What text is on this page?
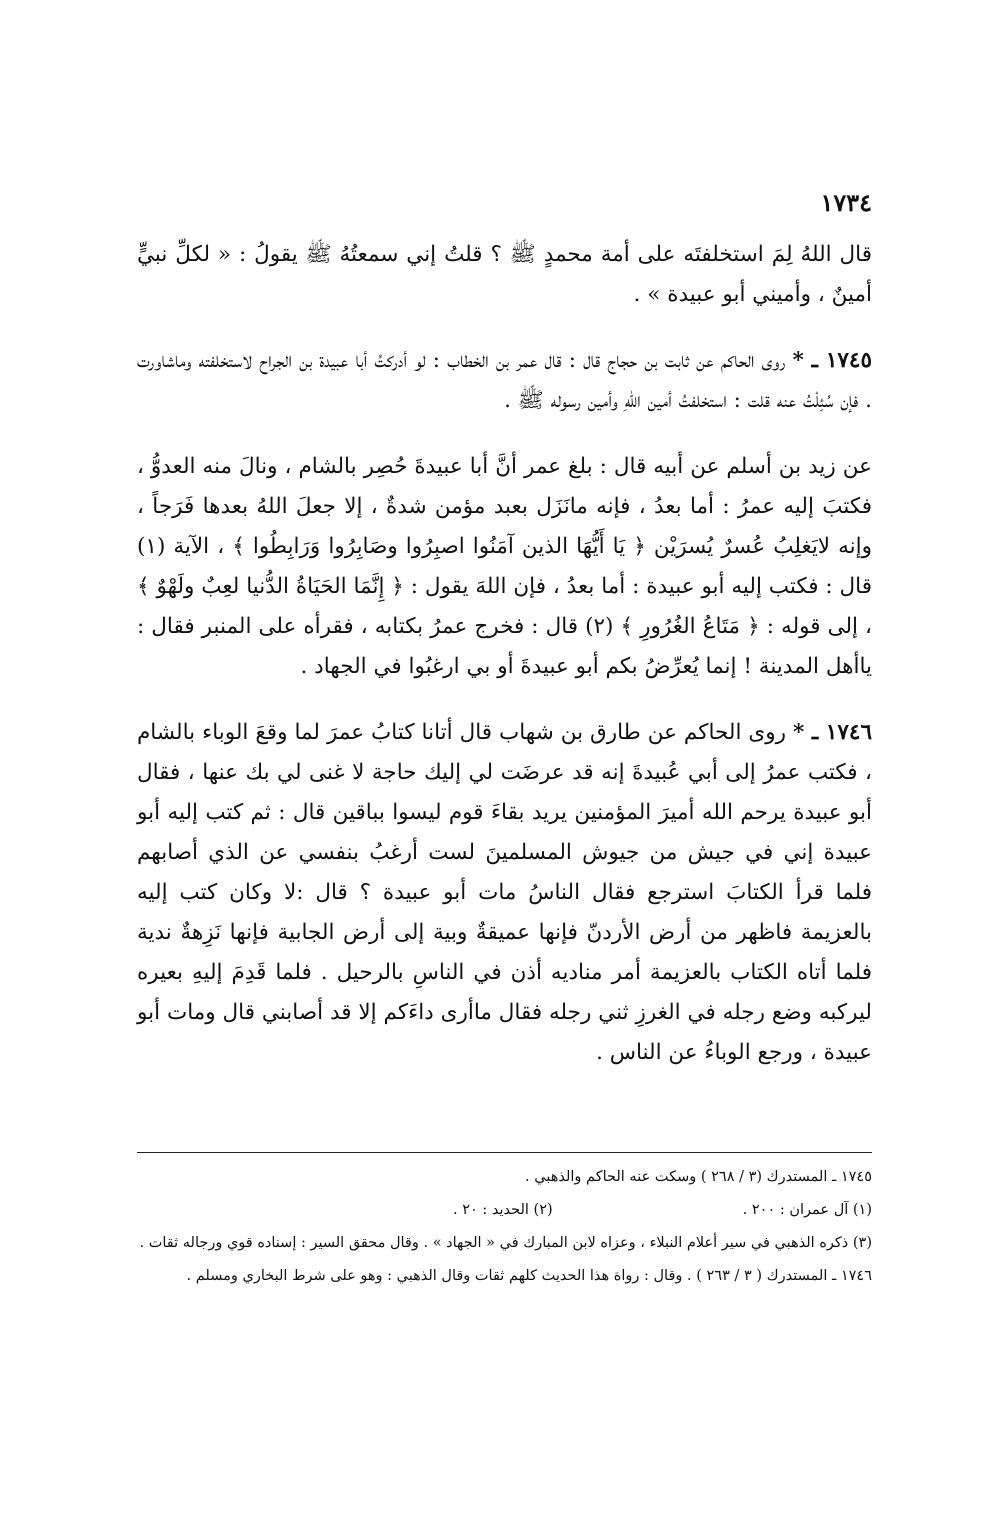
١٧٣٤

قال اللهُ لِمَ استخلفتَه على أمة محمدٍ ﷺ ؟ قلتُ إني سمعتُهُ ﷺ يقولُ : « لكلِّ نبيٍّ أمينٌ ، وأميني أبو عبيدة » .

١٧٤٥ ـ * روى الحاكم عن ثابت بن حجاج قال : قال عمر بن الخطاب : لو أدركتُ أبا عبيدة بن الجراح لاستخلفته وماشاورت . فإن سُئِلْتُ عنه قلت : استخلفتُ أمين اللهِ وأمين رسوله ﷺ .

عن زيد بن أسلم عن أبيه قال : بلغ عمر أنَّ أبا عبيدةَ حُصِر بالشام ، ونالَ منه العدوُّ ، فكتبَ إليه عمرُ : أما بعدُ ، فإنه مانَزَل بعبد مؤمن شدةٌ ، إلا جعلَ اللهُ بعدها فَرَجاً ، وإنه لايَغلِبُ عُسرٌ يُسرَيْن ﴿ يَا أَيُّهَا الذين آمَنُوا اصبِرُوا وصَابِرُوا وَرَابِطُوا ﴾ ، الآية (١) قال : فكتب إليه أبو عبيدة : أما بعدُ ، فإن اللهَ يقول : ﴿ إِنَّمَا الحَيَاةُ الدُّنيا لعِبٌ ولَهْوٌ ﴾ ، إلى قوله : ﴿ مَتَاعُ الغُرُورِ ﴾ (٢) قال : فخرج عمرُ بكتابه ، فقرأه على المنبر فقال : ياأهل المدينة ! إنما يُعرِّضُ بكم أبو عبيدةَ أو بي ارغبُوا في الجهاد .

١٧٤٦ ـ * روى الحاكم عن طارق بن شهاب قال أتانا كتابُ عمرَ لما وقعَ الوباء بالشام ، فكتب عمرُ إلى أبي عُبيدةَ إنه قد عرضَت لي إليك حاجة لا غنى لي بك عنها ، فقال أبو عبيدة يرحم الله أميرَ المؤمنين يريد بقاءَ قوم ليسوا بباقين قال : ثم كتب إليه أبو عبيدة إني في جيش من جيوش المسلمينَ لست أرغبُ بنفسي عن الذي أصابهم فلما قرأ الكتابَ استرجع فقال الناسُ مات أبو عبيدة ؟ قال :لا وكان كتب إليه بالعزيمة فاظهر من أرض الأردنّ فإنها عميقةٌ وبية إلى أرض الجابية فإنها نَزِهةٌ ندية فلما أتاه الكتاب بالعزيمة أمر مناديه أذن في الناسِ بالرحيل . فلما قَدِمَ إليهِ بعيره ليركبه وضع رجله في الغرزِ ثني رجله فقال ماأرى داءَكم إلا قد أصابني قال ومات أبو عبيدة ، ورجع الوباءُ عن الناس .

١٧٤٥ ـ المستدرك (٣ / ٢٦٨ ) وسكت عنه الحاكم والذهبي .

(١) آل عمران : ٢٠٠ .

(٢) الحديد : ٢٠ .

(٣) ذكره الذهبي في سير أعلام النبلاء ، وعزاه لابن المبارك في « الجهاد » . وقال محقق السير : إسناده قوي ورجاله ثقات .

١٧٤٦ ـ المستدرك ( ٣ / ٢٦٣ ) . وقال : رواة هذا الحديث كلهم ثقات وقال الذهبي : وهو على شرط البخاري ومسلم .
